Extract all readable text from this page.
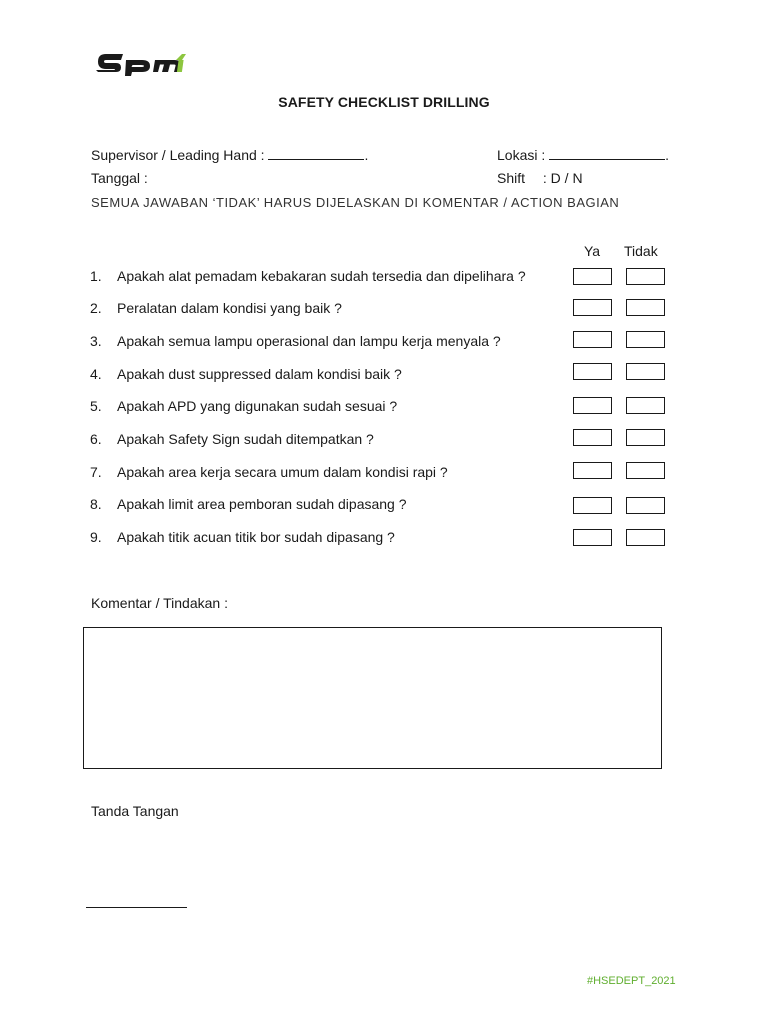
SAFETY CHECKLIST DRILLING
Supervisor / Leading Hand :	.	Lokasi :	.
Tanggal :	Shift : D / N
SEMUA JAWABAN ‘TIDAK’ HARUS DIJELASKAN DI KOMENTAR / ACTION BAGIAN
Ya Tidak
1. Apakah alat pemadam kebakaran sudah tersedia dan dipelihara ?
2. Peralatan dalam kondisi yang baik ?
3. Apakah semua lampu operasional dan lampu kerja menyala ?
4. Apakah dust suppressed dalam kondisi baik ?
5. Apakah APD yang digunakan sudah sesuai ?
6. Apakah Safety Sign sudah ditempatkan ?
7. Apakah area kerja secara umum dalam kondisi rapi ?
8. Apakah limit area pemboran sudah dipasang ?
9. Apakah titik acuan titik bor sudah dipasang ?
Komentar / Tindakan :
Tanda Tangan
#HSEDEPT_2021
